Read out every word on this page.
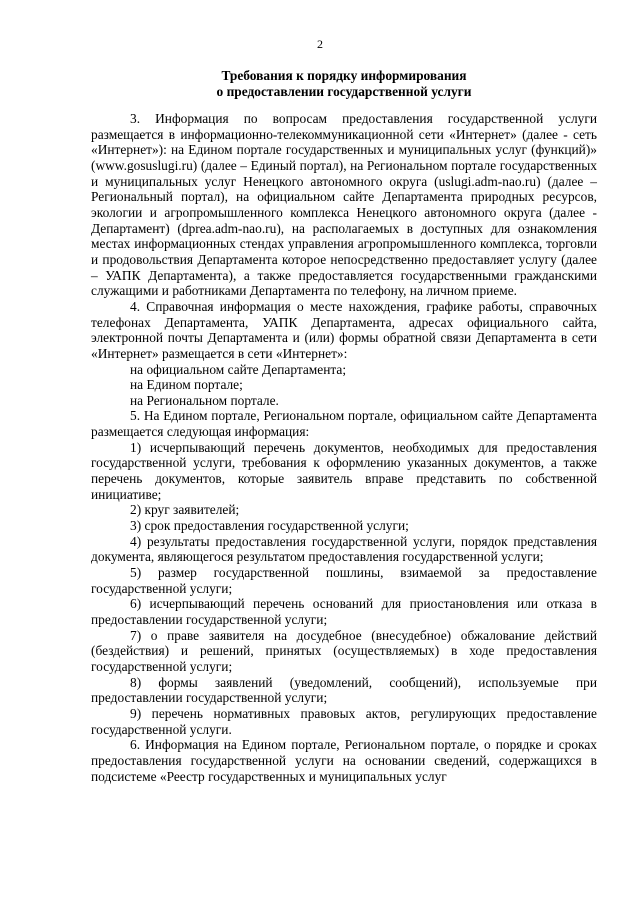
2
Требования к порядку информирования
о предоставлении государственной услуги

3. Информация по вопросам предоставления государственной услуги размещается в информационно-телекоммуникационной сети «Интернет» (далее - сеть «Интернет»): на Едином портале государственных и муниципальных услуг (функций)» (www.gosuslugi.ru) (далее – Единый портал), на Региональном портале государственных и муниципальных услуг Ненецкого автономного округа (uslugi.adm-nao.ru) (далее – Региональный портал), на официальном сайте Департамента природных ресурсов, экологии и агропромышленного комплекса Ненецкого автономного округа (далее - Департамент) (dprea.adm-nao.ru), на располагаемых в доступных для ознакомления местах информационных стендах управления агропромышленного комплекса, торговли и продовольствия Департамента которое непосредственно предоставляет услугу (далее – УАПК Департамента), а также предоставляется государственными гражданскими служащими и работниками Департамента по телефону, на личном приеме.

4. Справочная информация о месте нахождения, графике работы, справочных телефонах Департамента, УАПК Департамента, адресах официального сайта, электронной почты Департамента и (или) формы обратной связи Департамента в сети «Интернет» размещается в сети «Интернет»:

на официальном сайте Департамента;

на Едином портале;

на Региональном портале.

5. На Едином портале, Региональном портале, официальном сайте Департамента размещается следующая информация:

1) исчерпывающий перечень документов, необходимых для предоставления государственной услуги, требования к оформлению указанных документов, а также перечень документов, которые заявитель вправе представить по собственной инициативе;

2) круг заявителей;

3) срок предоставления государственной услуги;

4) результаты предоставления государственной услуги, порядок представления документа, являющегося результатом предоставления государственной услуги;

5) размер государственной пошлины, взимаемой за предоставление государственной услуги;

6) исчерпывающий перечень оснований для приостановления или отказа в предоставлении государственной услуги;

7) о праве заявителя на досудебное (внесудебное) обжалование действий (бездействия) и решений, принятых (осуществляемых) в ходе предоставления государственной услуги;

8) формы заявлений (уведомлений, сообщений), используемые при предоставлении государственной услуги;

9) перечень нормативных правовых актов, регулирующих предоставление государственной услуги.

6. Информация на Едином портале, Региональном портале, о порядке и сроках предоставления государственной услуги на основании сведений, содержащихся в подсистеме «Реестр государственных и муниципальных услуг
